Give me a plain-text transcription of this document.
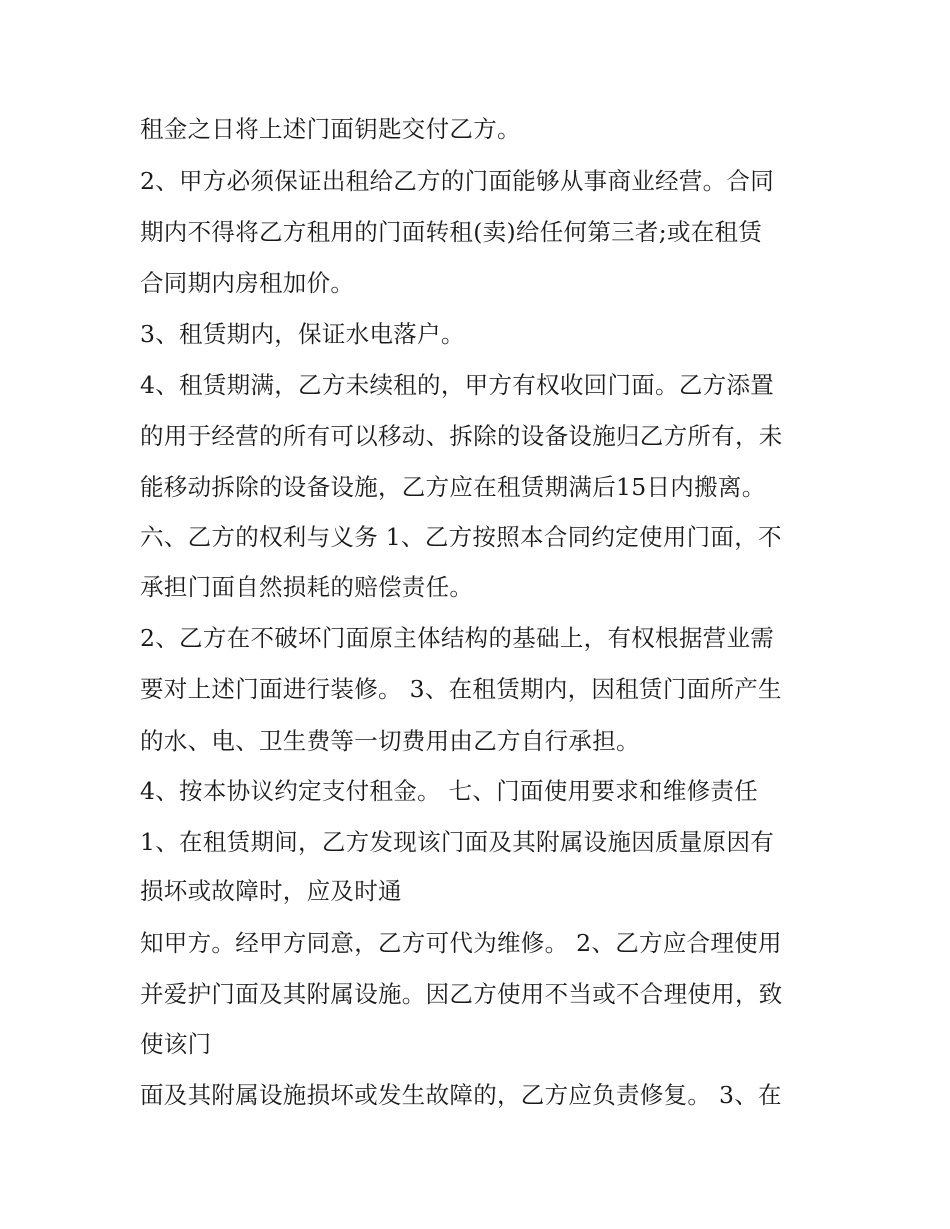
租金之日将上述门面钥匙交付乙方。

2、甲方必须保证出租给乙方的门面能够从事商业经营。合同

期内不得将乙方租用的门面转租(卖)给任何第三者;或在租赁

合同期内房租加价。

3、租赁期内，保证水电落户。

4、租赁期满，乙方未续租的，甲方有权收回门面。乙方添置

的用于经营的所有可以移动、拆除的设备设施归乙方所有，未

能移动拆除的设备设施，乙方应在租赁期满后15日内搬离。

六、乙方的权利与义务 1、乙方按照本合同约定使用门面，不

承担门面自然损耗的赔偿责任。

2、乙方在不破坏门面原主体结构的基础上，有权根据营业需

要对上述门面进行装修。 3、在租赁期内，因租赁门面所产生

的水、电、卫生费等一切费用由乙方自行承担。

4、按本协议约定支付租金。 七、门面使用要求和维修责任

1、在租赁期间，乙方发现该门面及其附属设施因质量原因有

损坏或故障时，应及时通

知甲方。经甲方同意，乙方可代为维修。 2、乙方应合理使用

并爱护门面及其附属设施。因乙方使用不当或不合理使用，致

使该门

面及其附属设施损坏或发生故障的，乙方应负责修复。 3、在
